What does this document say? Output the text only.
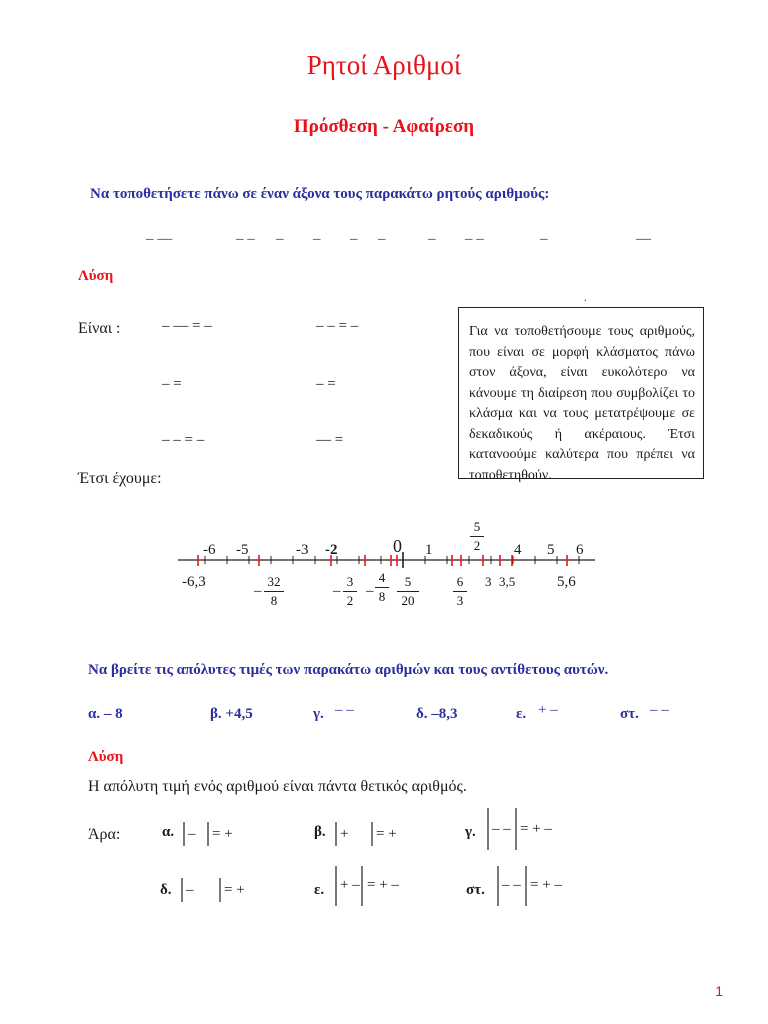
Ρητοί Αριθμοί
Πρόσθεση - Αφαίρεση
Να τοποθετήσετε πάνω σε έναν άξονα τους παρακάτω ρητούς αριθμούς:
– —	– – – – – –	– – –	–	—
Λύση
Είναι :	– — = –	– – = –
– =	– =
– – = –	— =
.
Για να τοποθετήσουμε τους αριθμούς, που είναι σε μορφή κλάσματος πάνω στον άξονα, είναι ευκολότερο να κάνουμε τη διαίρεση που συμβολίζει το κλάσμα και να τους μετατρέψουμε σε δεκαδικούς ή ακέραιους. Έτσι κατανοούμε καλύτερα που πρέπει να τοποθετηθούν.
Έτσι έχουμε:
-6 -5	-3 -2	0 1	4 5 6
5
2
-6,3
–
32
8
–
3
2
–
4
8
5
20
6
3
3 3,5	5,6
Να βρείτε τις απόλυτες τιμές των παρακάτω αριθμών και τους αντίθετους αυτών.
α. – 8	β. +4,5	γ. – –	δ. –8,3	ε. + –	στ. – –
Λύση
Η απόλυτη τιμή ενός αριθμού είναι πάντα θετικός αριθμός.
Άρα:	α. – = +	β. + = +	γ. – – = + –
δ. – = +	ε. + – = + –	στ. – – = + –
1
